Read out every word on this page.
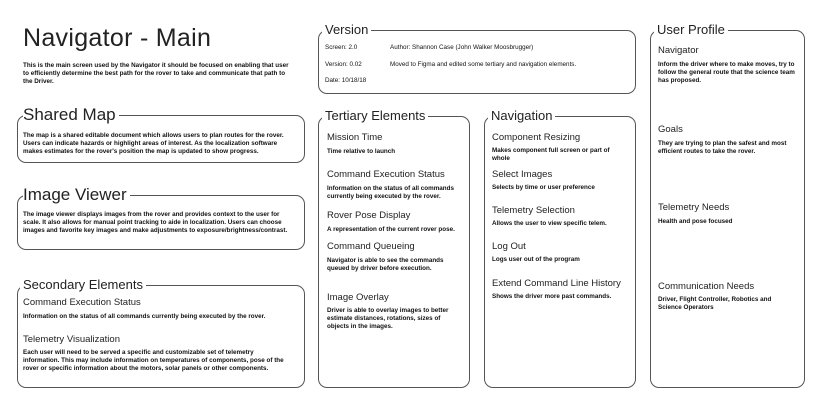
Navigator - Main
This is the main screen used by the Navigator it should be focused on enabling that user to efficiently determine the best path for the rover to take and communicate that path to the Driver.
Shared Map
The map is a shared editable document which allows users to plan routes for the rover. Users can indicate hazards or highlight areas of interest. As the localization software makes estimates for the rover's position the map is updated to show progress.
Image Viewer
The image viewer displays images from the rover and provides context to the user for scale. It also allows for manual point tracking to aide in localization. Users can choose images and favorite key images and make adjustments to exposure/brightness/contrast.
Secondary Elements
Command Execution Status
Information on the status of all commands currently being executed by the rover.
Telemetry Visualization
Each user will need to be served a specific and customizable set of telemetry information. This may include information on temperatures of components, pose of the rover or specific information about the motors, solar panels or other components.
Version
Screen: 2.0	Author: Shannon Case (John Walker Moosbrugger)
Version: 0.02	Moved to Figma and edited some tertiary and navigation elements.
Date: 10/18/18
Tertiary Elements
Mission Time
Time relative to launch
Command Execution Status
Information on the status of all commands currently being executed by the rover.
Rover Pose Display
A representation of the current rover pose.
Command Queueing
Navigator is able to see the commands queued by driver before execution.
Image Overlay
Driver is able to overlay images to better estimate distances, rotations, sizes of objects in the images.
Navigation
Component Resizing
Makes component full screen or part of whole
Select Images
Selects by time or user preference
Telemetry Selection
Allows the user to view specific telem.
Log Out
Logs user out of the program
Extend Command Line History
Shows the driver more past commands.
User Profile
Navigator
Inform the driver where to make moves, try to follow the general route that the science team has proposed.
Goals
They are trying to plan the safest and most efficient routes to take the rover.
Telemetry Needs
Health and pose focused
Communication Needs
Driver, Flight Controller, Robotics and Science Operators
